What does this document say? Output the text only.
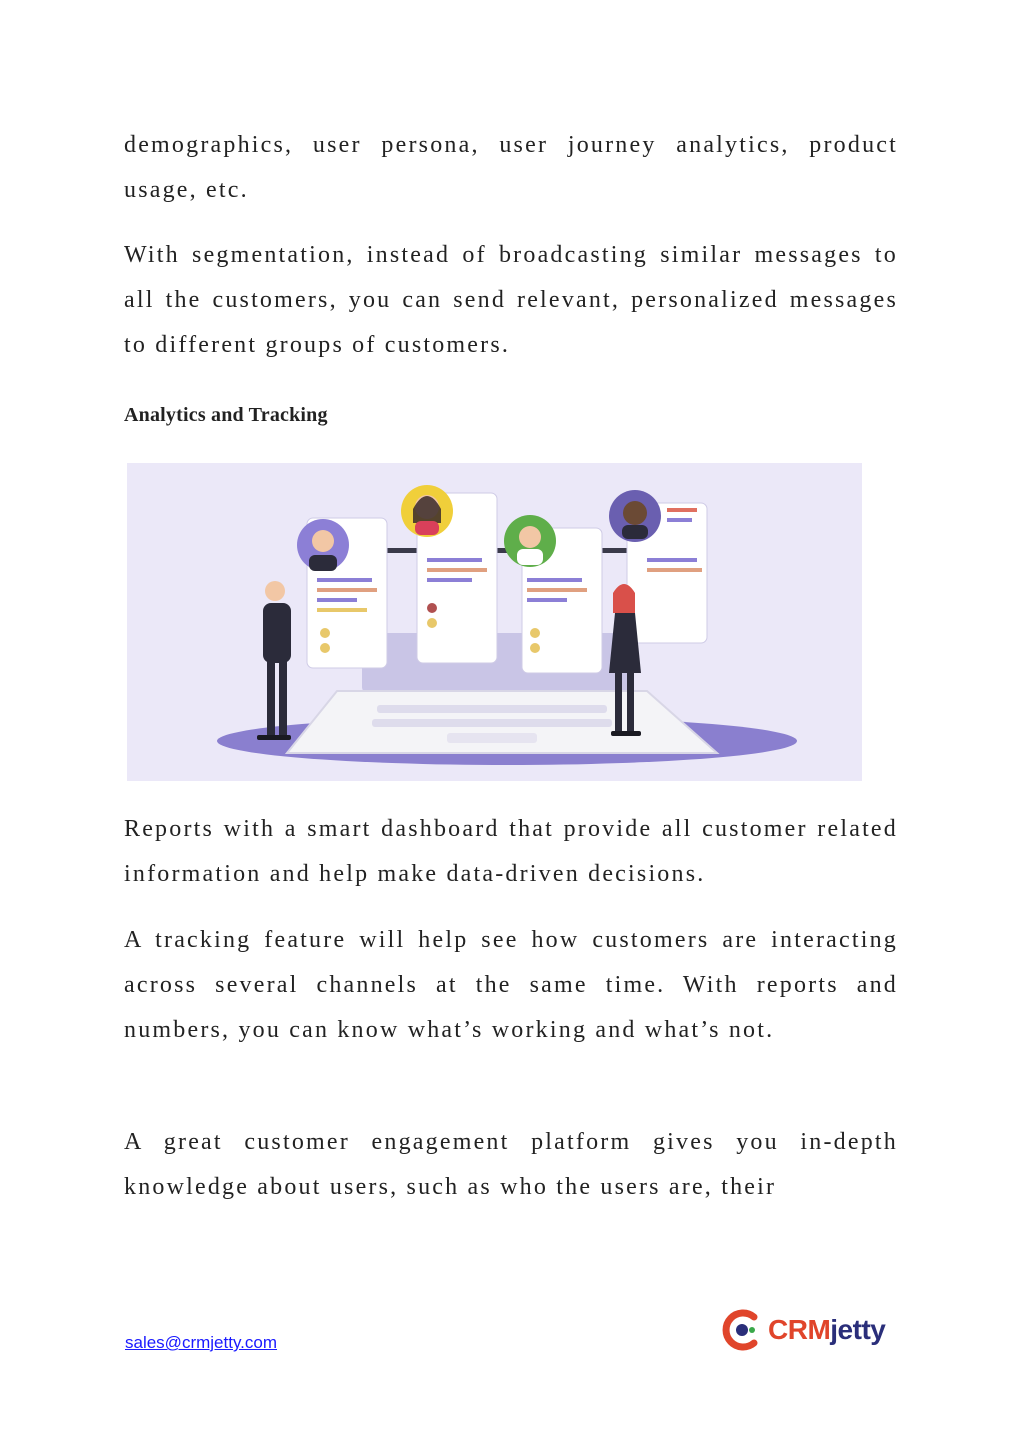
demographics, user persona, user journey analytics, product usage, etc.

With segmentation, instead of broadcasting similar messages to all the customers, you can send relevant, personalized messages to different groups of customers.

Analytics and Tracking

Reports with a smart dashboard that provide all customer related information and help make data-driven decisions.

A tracking feature will help see how customers are interacting across several channels at the same time. With reports and numbers, you can know what’s working and what’s not.

A great customer engagement platform gives you in-depth knowledge about users, such as who the users are, their

sales@crmjetty.com	CRMjetty
